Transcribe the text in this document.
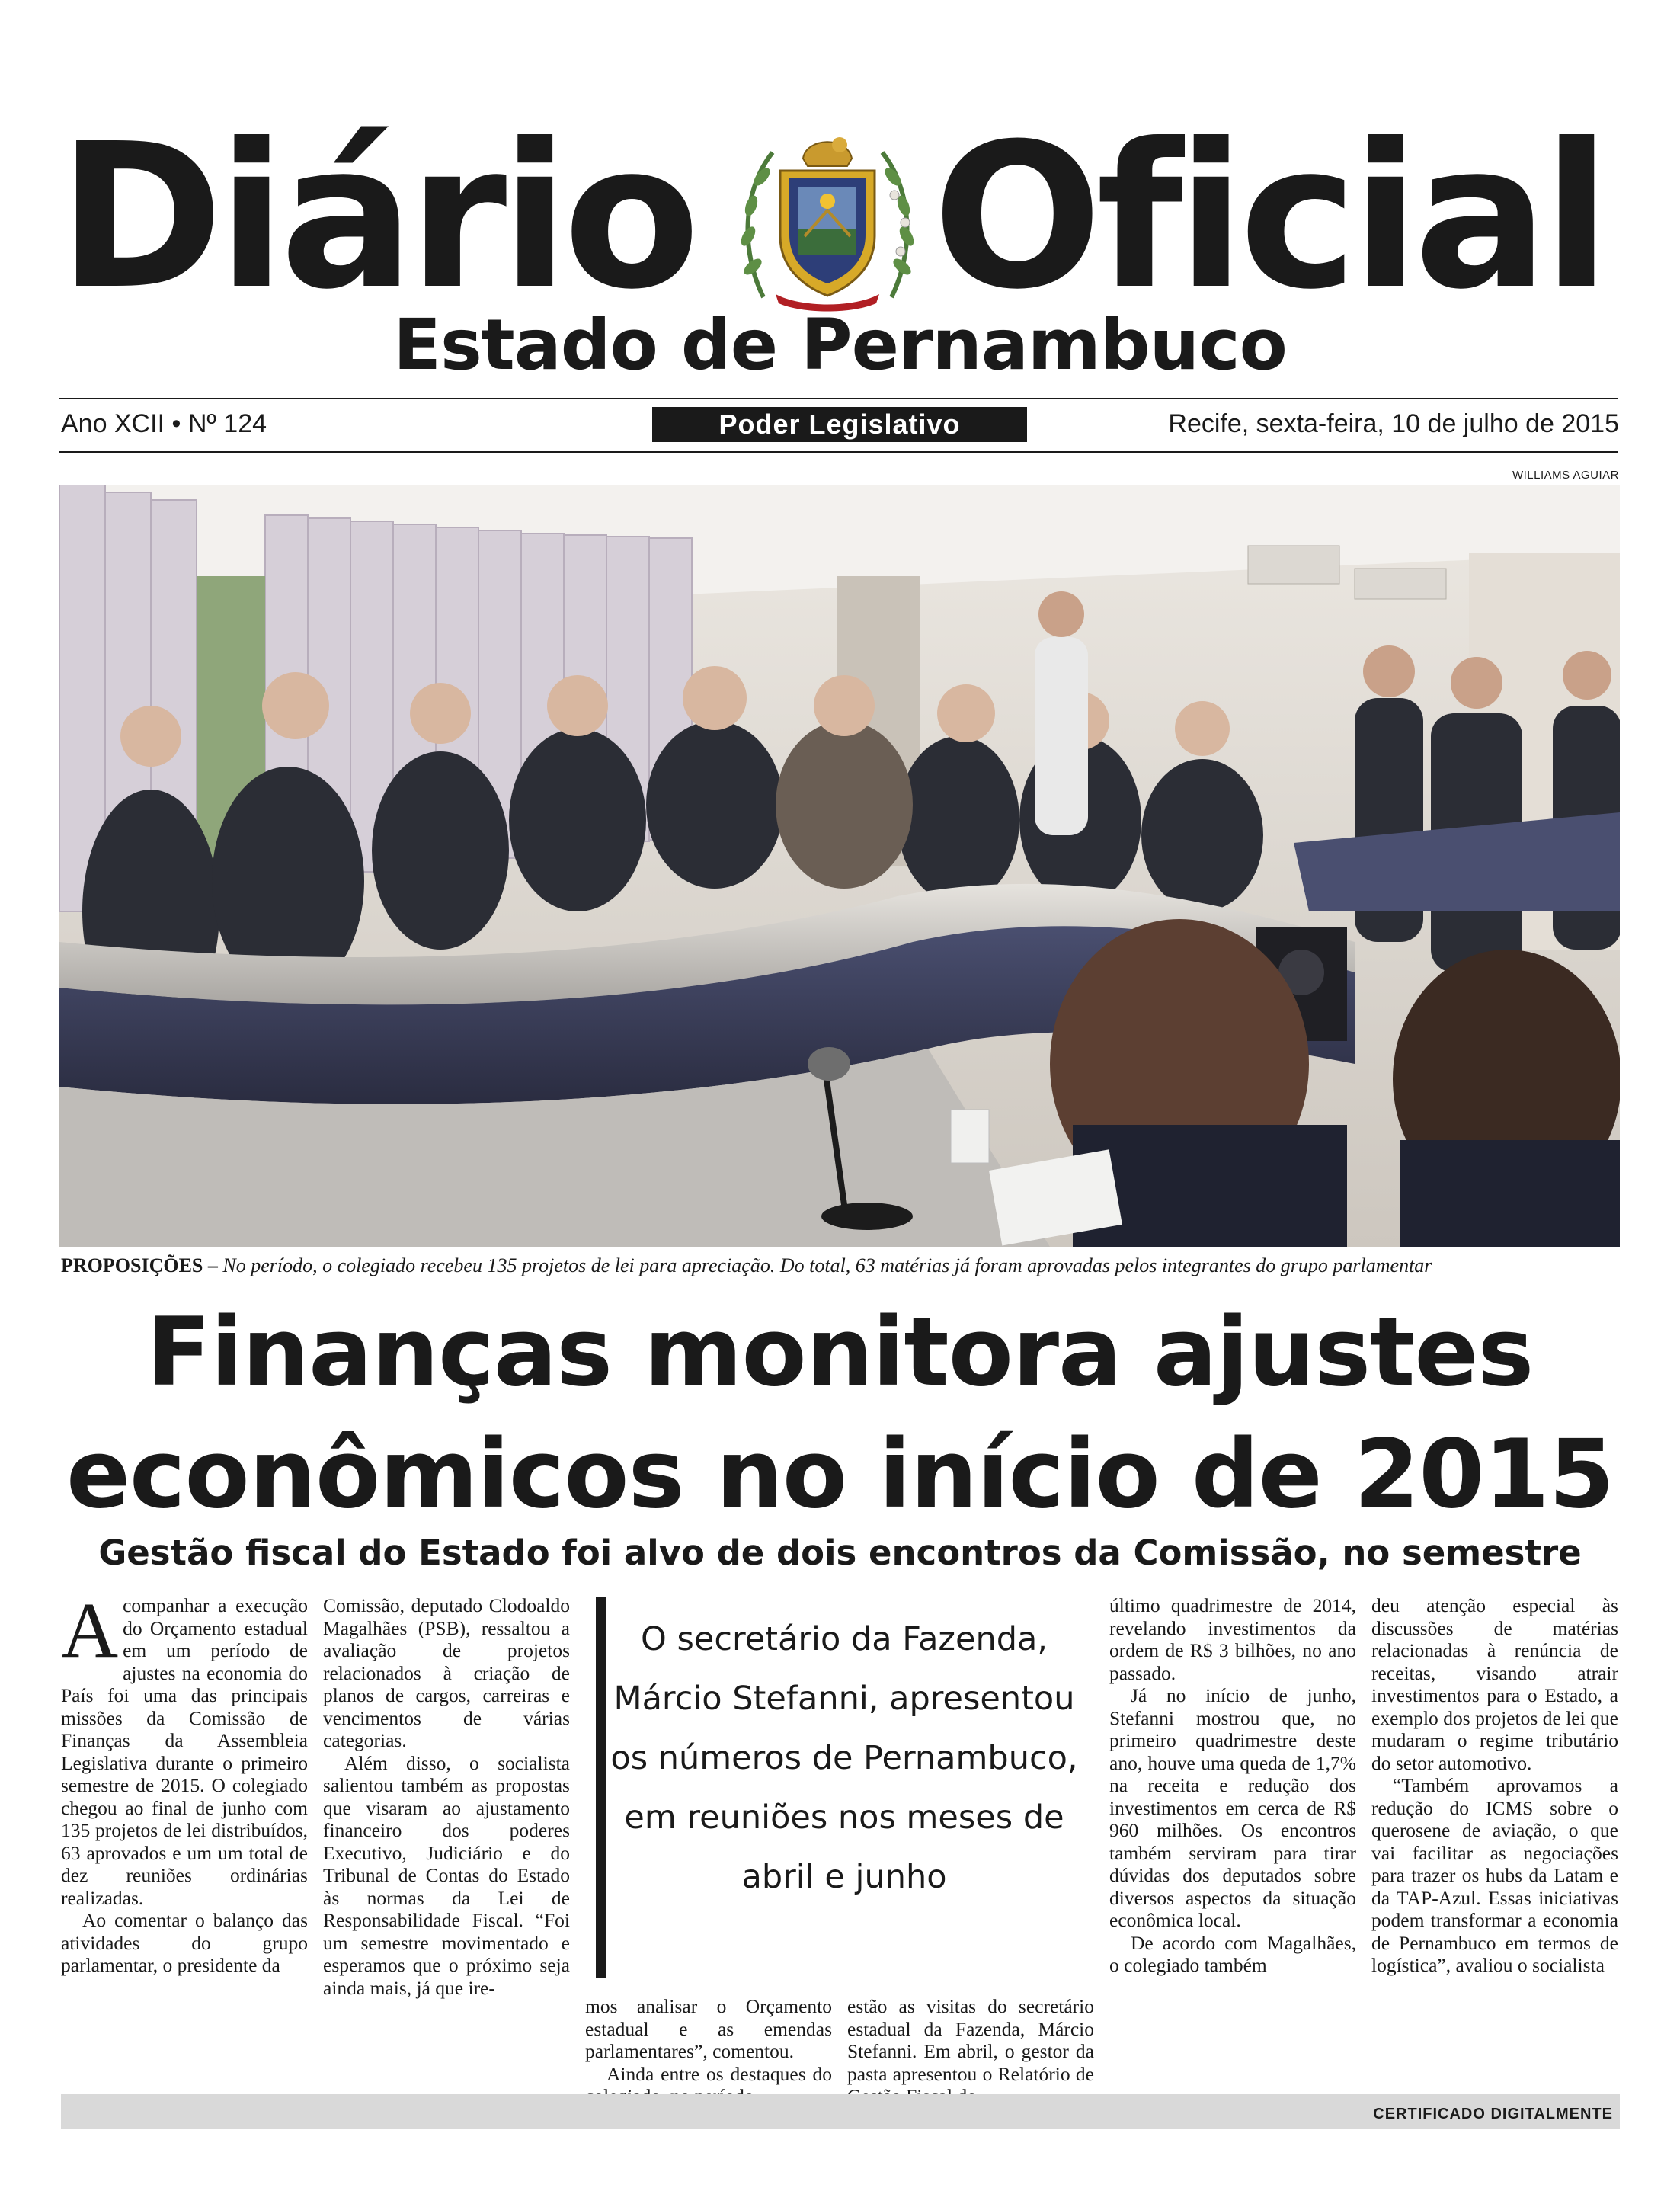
Diário Oficial
Estado de Pernambuco
Ano XCII • Nº 124	Poder Legislativo	Recife, sexta-feira, 10 de julho de 2015
WILLIAMS AGUIAR
PROPOSIÇÕES – No período, o colegiado recebeu 135 projetos de lei para apreciação. Do total, 63 matérias já foram aprovadas pelos integrantes do grupo parlamentar
Finanças monitora ajustes
econômicos no início de 2015
Gestão fiscal do Estado foi alvo de dois encontros da Comissão, no semestre

Acompanhar a execução do Orçamento estadual em um período de ajustes na economia do País foi uma das principais missões da Comissão de Finanças da Assembleia Legislativa durante o primeiro semestre de 2015. O colegiado chegou ao final de junho com 135 projetos de lei distribuídos, 63 aprovados e um um total de dez reuniões ordinárias realizadas.

Ao comentar o balanço das atividades do grupo parlamentar, o presidente da

Comissão, deputado Clodoaldo Magalhães (PSB), ressaltou a avaliação de projetos relacionados à criação de planos de cargos, carreiras e vencimentos de várias categorias.

Além disso, o socialista salientou também as propostas que visaram ao ajustamento financeiro dos poderes Executivo, Judiciário e do Tribunal de Contas do Estado às normas da Lei de Responsabilidade Fiscal. “Foi um semestre movimentado e esperamos que o próximo seja ainda mais, já que ire-

O secretário da Fazenda, Márcio Stefanni, apresentou os números de Pernambuco, em reuniões nos meses de abril e junho

mos analisar o Orçamento estadual e as emendas parlamentares”, comentou.

Ainda entre os destaques do

estão as visitas do secretário estadual da Fazenda, Márcio Stefanni. Em abril, o gestor da pasta apresentou o Relatório de

último quadrimestre de 2014, revelando investimentos da ordem de R$ 3 bilhões, no ano passado.

Já no início de junho, Stefanni mostrou que, no primeiro quadrimestre deste ano, houve uma queda de 1,7% na receita e redução dos investimentos em cerca de R$ 960 milhões. Os encontros também serviram para tirar dúvidas dos deputados sobre diversos aspectos da situação econômica local.

De acordo com Magalhães, o colegiado também

deu atenção especial às discussões de matérias relacionadas à renúncia de receitas, visando atrair investimentos para o Estado, a exemplo dos projetos de lei que mudaram o regime tributário do setor automotivo.

“Também aprovamos a redução do ICMS sobre o querosene de aviação, o que vai facilitar as negociações para trazer os hubs da Latam e da TAP-Azul. Essas iniciativas podem transformar a economia de Pernambuco em termos de logística”, avaliou o socialista

CERTIFICADO DIGITALMENTE
